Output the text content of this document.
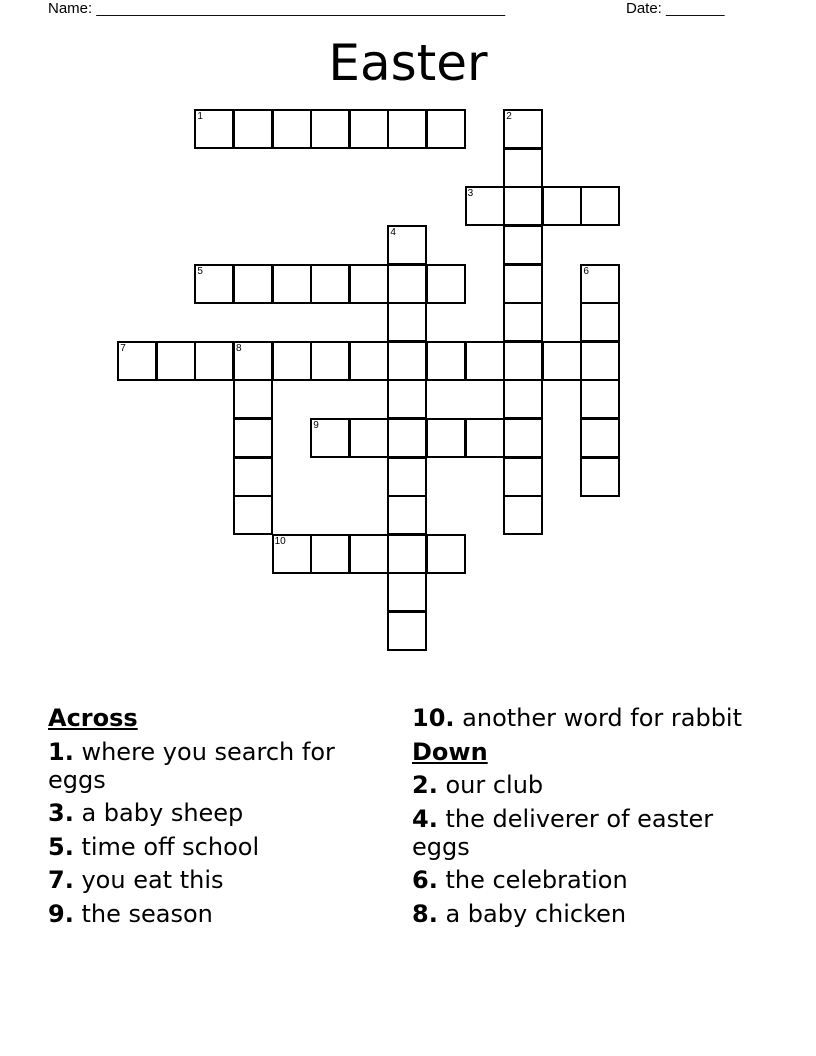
Name: _________________________________________________	Date: _______
Easter
1	2
3
4
5	6
7	8
9
10
Across
1. where you search for eggs
3. a baby sheep
5. time off school
7. you eat this
9. the season
10. another word for rabbit
Down
2. our club
4. the deliverer of easter eggs
6. the celebration
8. a baby chicken
